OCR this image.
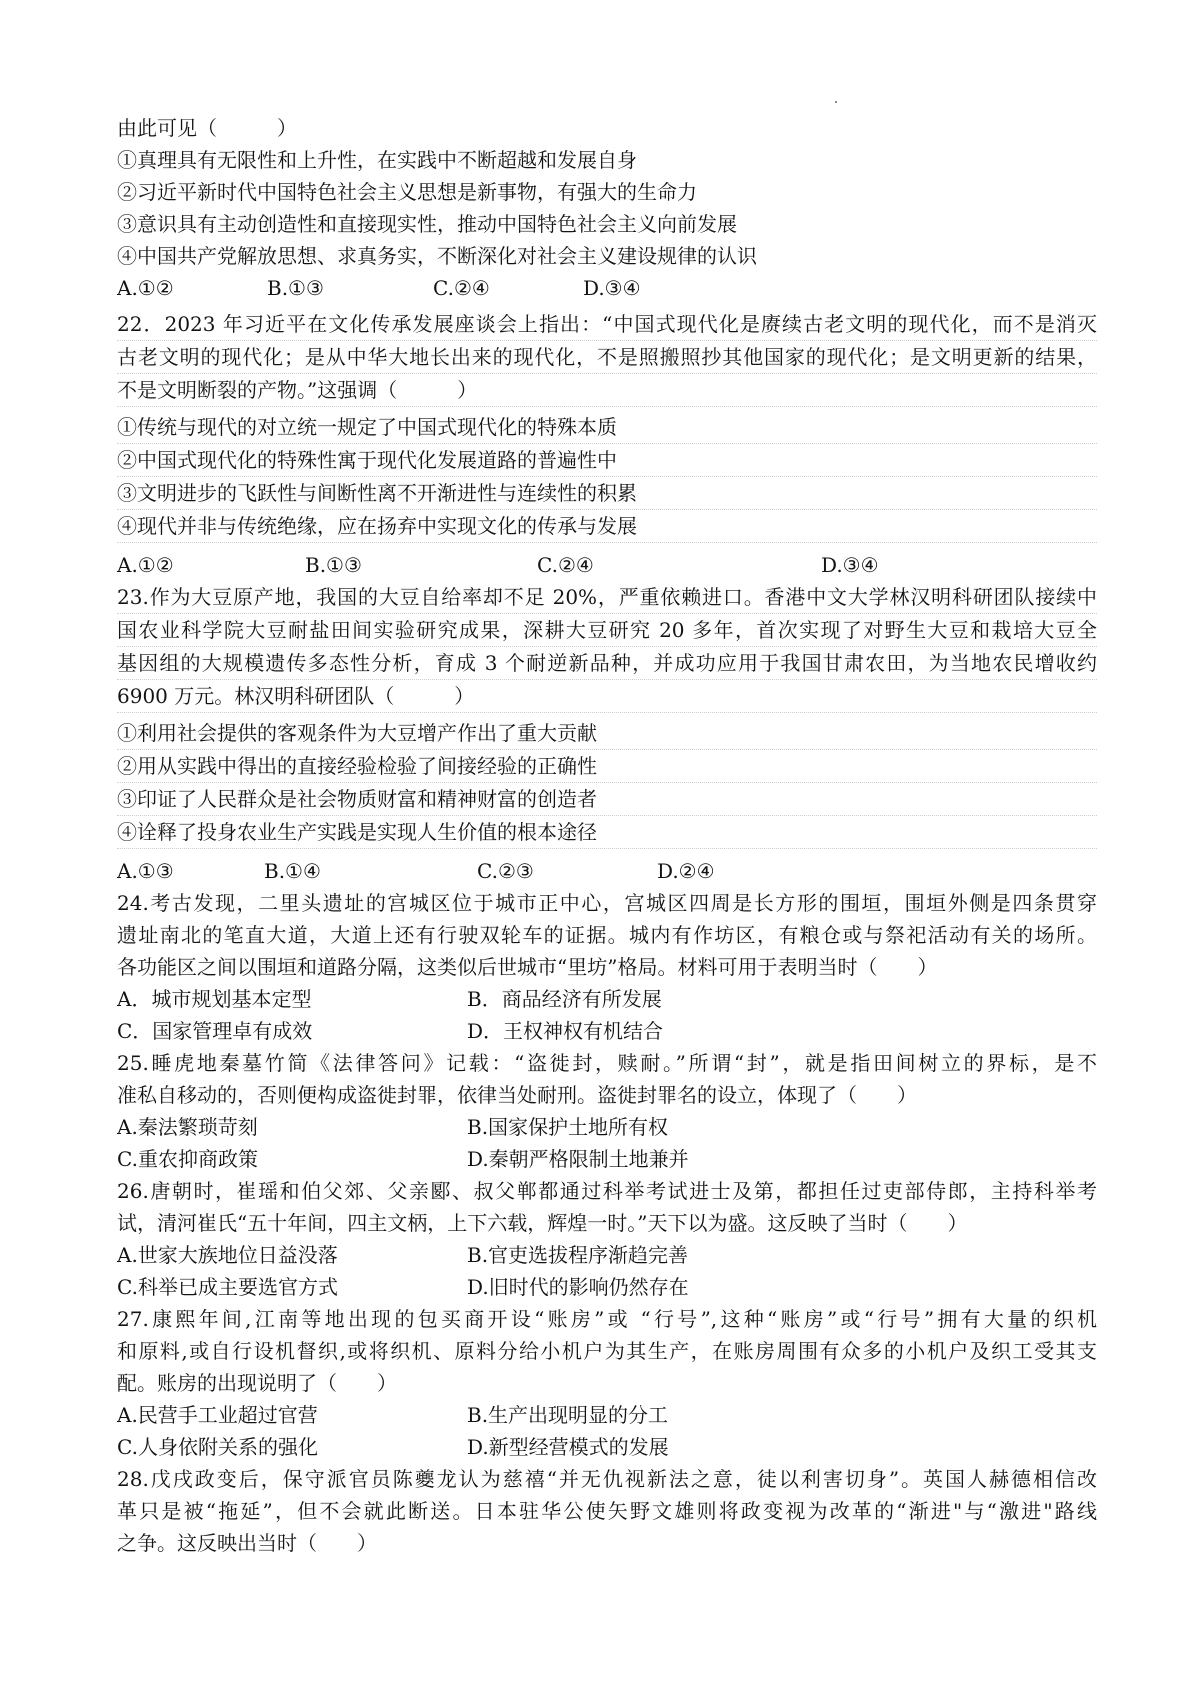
由此可见（　　　）
①真理具有无限性和上升性，在实践中不断超越和发展自身
②习近平新时代中国特色社会主义思想是新事物，有强大的生命力
③意识具有主动创造性和直接现实性，推动中国特色社会主义向前发展
④中国共产党解放思想、求真务实，不断深化对社会主义建设规律的认识
A.①②	B.①③	C.②④	D.③④
22．2023 年习近平在文化传承发展座谈会上指出：“中国式现代化是赓续古老文明的现代化，而不是消灭
古老文明的现代化；是从中华大地长出来的现代化，不是照搬照抄其他国家的现代化；是文明更新的结果，
不是文明断裂的产物。”这强调（　　　）
①传统与现代的对立统一规定了中国式现代化的特殊本质
②中国式现代化的特殊性寓于现代化发展道路的普遍性中
③文明进步的飞跃性与间断性离不开渐进性与连续性的积累
④现代并非与传统绝缘，应在扬弃中实现文化的传承与发展
A.①②	B.①③	C.②④	D.③④
23.作为大豆原产地，我国的大豆自给率却不足 20%，严重依赖进口。香港中文大学林汉明科研团队接续中
国农业科学院大豆耐盐田间实验研究成果，深耕大豆研究 20 多年，首次实现了对野生大豆和栽培大豆全
基因组的大规模遗传多态性分析，育成 3 个耐逆新品种，并成功应用于我国甘肃农田，为当地农民增收约
6900 万元。林汉明科研团队（　　　）
①利用社会提供的客观条件为大豆增产作出了重大贡献
②用从实践中得出的直接经验检验了间接经验的正确性
③印证了人民群众是社会物质财富和精神财富的创造者
④诠释了投身农业生产实践是实现人生价值的根本途径
A.①③	B.①④	C.②③	D.②④
24.考古发现，二里头遗址的宫城区位于城市正中心，宫城区四周是长方形的围垣，围垣外侧是四条贯穿
遗址南北的笔直大道，大道上还有行驶双轮车的证据。城内有作坊区，有粮仓或与祭祀活动有关的场所。
各功能区之间以围垣和道路分隔，这类似后世城市“里坊”格局。材料可用于表明当时（　　）
A．城市规划基本定型	B．商品经济有所发展
C．国家管理卓有成效	D．王权神权有机结合
25.睡虎地秦墓竹简《法律答问》记载：“盗徙封，赎耐。”所谓“封”，就是指田间树立的界标，是不
准私自移动的，否则便构成盗徙封罪，依律当处耐刑。盗徙封罪名的设立，体现了（　　）
A.秦法繁琐苛刻	B.国家保护土地所有权
C.重农抑商政策	D.秦朝严格限制土地兼并
26.唐朝时，崔瑶和伯父郊、父亲郾、叔父郸都通过科举考试进士及第，都担任过吏部侍郎，主持科举考
试，清河崔氏“五十年间，四主文柄，上下六载，辉煌一时。”天下以为盛。这反映了当时（　　）
A.世家大族地位日益没落	B.官吏选拔程序渐趋完善
C.科举已成主要选官方式	D.旧时代的影响仍然存在
27.康熙年间,江南等地出现的包买商开设“账房”或 “行号”,这种“账房”或“行号”拥有大量的织机
和原料,或自行设机督织,或将织机、原料分给小机户为其生产，在账房周围有众多的小机户及织工受其支
配。账房的出现说明了（　　）
A.民营手工业超过官营	B.生产出现明显的分工
C.人身依附关系的强化	D.新型经营模式的发展
28.戊戌政变后，保守派官员陈夔龙认为慈禧“并无仇视新法之意，徒以利害切身”。英国人赫德相信改
革只是被“拖延”，但不会就此断送。日本驻华公使矢野文雄则将政变视为改革的“渐进"与“激进"路线
之争。这反映出当时（　　）
